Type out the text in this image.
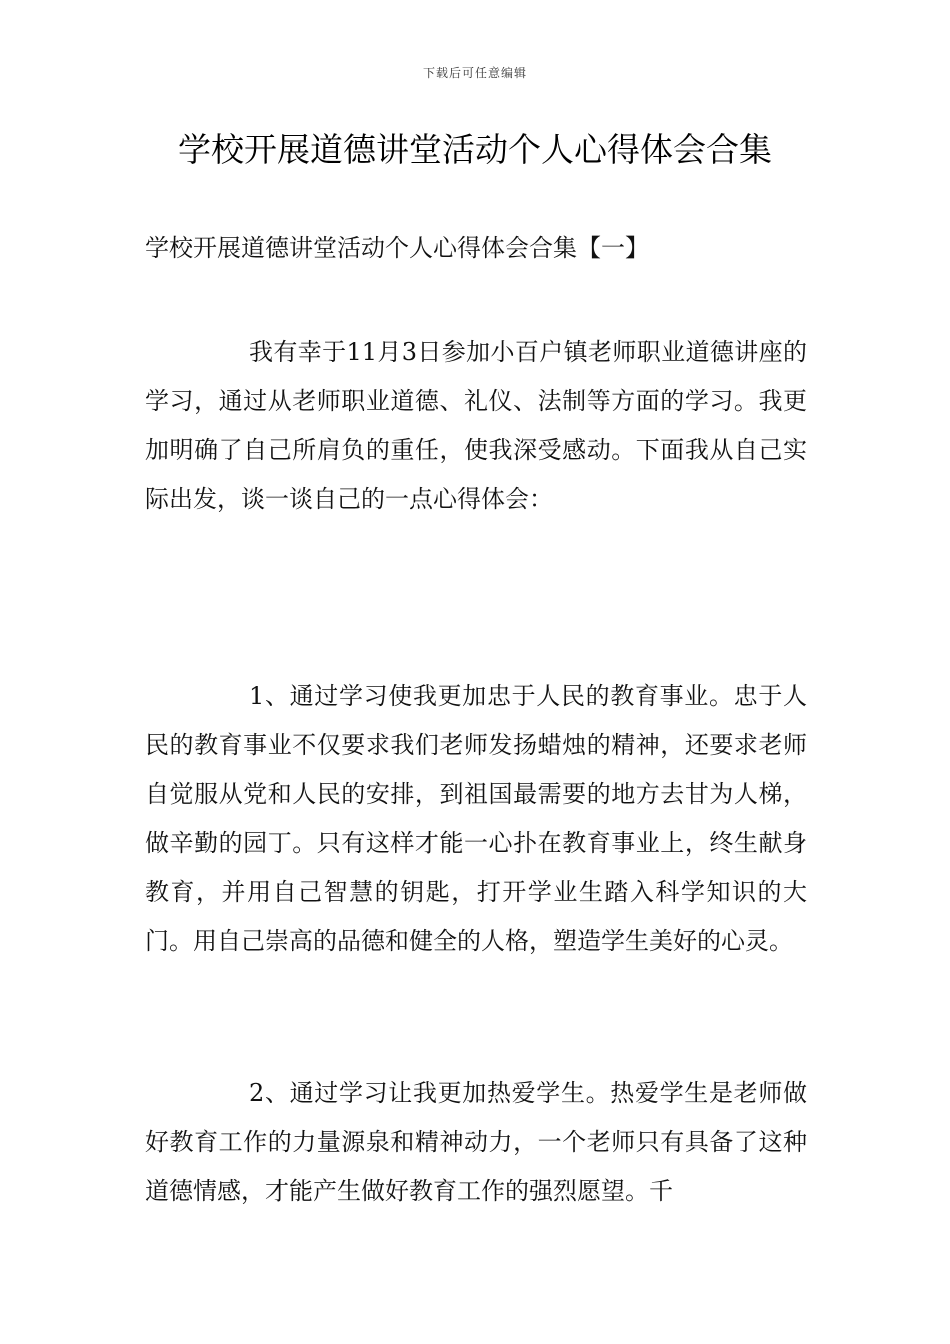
下载后可任意编辑
学校开展道德讲堂活动个人心得体会合集
学校开展道德讲堂活动个人心得体会合集【一】

我有幸于11月3日参加小百户镇老师职业道德讲座的学习，通过从老师职业道德、礼仪、法制等方面的学习。我更加明确了自己所肩负的重任，使我深受感动。下面我从自己实际出发，谈一谈自己的一点心得体会：

1、通过学习使我更加忠于人民的教育事业。忠于人民的教育事业不仅要求我们老师发扬蜡烛的精神，还要求老师自觉服从党和人民的安排，到祖国最需要的地方去甘为人梯，做辛勤的园丁。只有这样才能一心扑在教育事业上，终生献身教育，并用自己智慧的钥匙，打开学业生踏入科学知识的大门。用自己崇高的品德和健全的人格，塑造学生美好的心灵。

2、通过学习让我更加热爱学生。热爱学生是老师做好教育工作的力量源泉和精神动力，一个老师只有具备了这种道德情感，才能产生做好教育工作的强烈愿望。千
